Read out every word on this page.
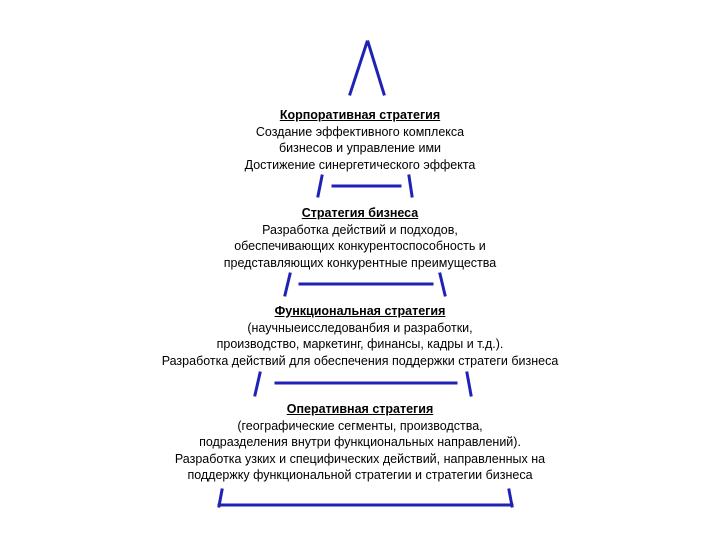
Корпоративная стратегия
Создание эффективного комплекса
бизнесов и управление ими
Достижение синергетического эффекта
Стратегия бизнеса
Разработка действий и подходов,
обеспечивающих конкурентоспособность и
представляющих конкурентные преимущества
Функциональная стратегия
(научныеисследованбия и разработки,
производство, маркетинг, финансы, кадры и т.д.).
Разработка действий для обеспечения поддержки стратеги бизнеса
Оперативная стратегия
(географические сегменты, производства,
подразделения внутри функциональных направлений).
Разработка узких и специфических действий, направленных на
поддержку функциональной стратегии и стратегии бизнеса
